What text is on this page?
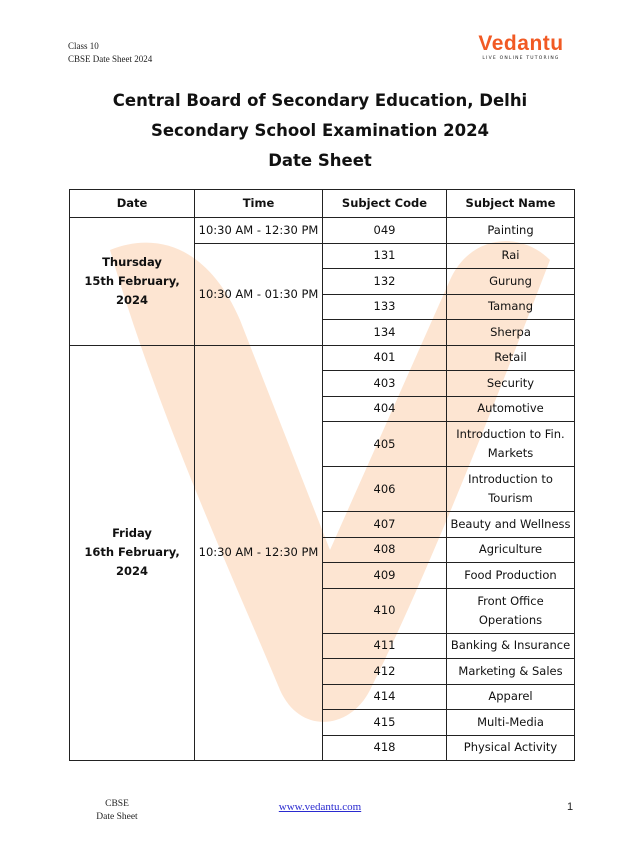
Class 10
CBSE Date Sheet 2024
Vedantu
LIVE ONLINE TUTORING
Central Board of Secondary Education, Delhi
Secondary School Examination 2024
Date Sheet
Date	Time	Subject Code	Subject Name

Thursday
15th February, 2024	10:30 AM - 12:30 PM	049	Painting
	10:30 AM - 01:30 PM	131	Rai
		132	Gurung
		133	Tamang
		134	Sherpa

Friday
16th February, 2024	10:30 AM - 12:30 PM	401	Retail
		403	Security
		404	Automotive
		405	Introduction to Fin. Markets
		406	Introduction to Tourism
		407	Beauty and Wellness
		408	Agriculture
		409	Food Production
		410	Front Office Operations
		411	Banking & Insurance
		412	Marketing & Sales
		414	Apparel
		415	Multi-Media
		418	Physical Activity
CBSE
Date Sheet
www.vedantu.com	1
